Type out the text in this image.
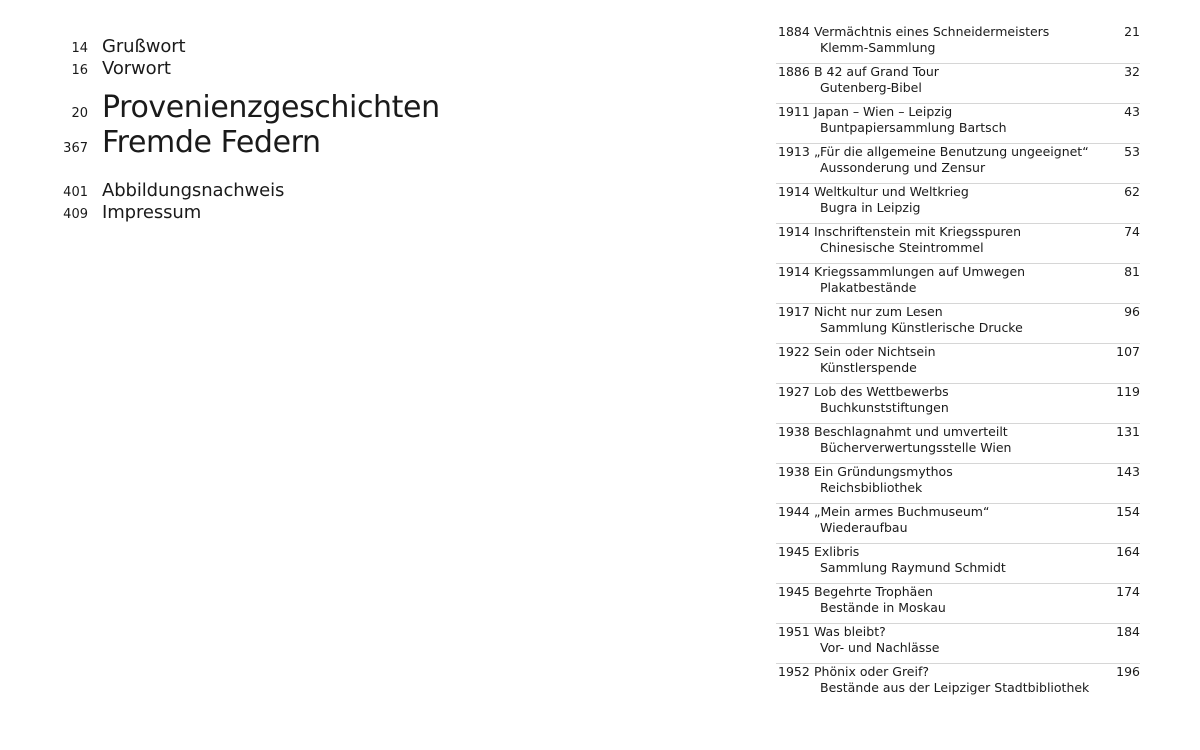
14 Grußwort
16 Vorwort
20 Provenienzgeschichten
367 Fremde Federn
401 Abbildungsnachweis
409 Impressum
1884 Vermächtnis eines Schneidermeisters
Klemm-Sammlung
21
1886 B 42 auf Grand Tour
Gutenberg-Bibel
32
1911 Japan – Wien – Leipzig
Buntpapiersammlung Bartsch
43
1913 „Für die allgemeine Benutzung ungeeignet“
Aussonderung und Zensur
53
1914 Weltkultur und Weltkrieg
Bugra in Leipzig
62
1914 Inschriftenstein mit Kriegsspuren
Chinesische Steintrommel
74
1914 Kriegssammlungen auf Umwegen
Plakatbestände
81
1917 Nicht nur zum Lesen
Sammlung Künstlerische Drucke
96
1922 Sein oder Nichtsein
Künstlerspende
107
1927 Lob des Wettbewerbs
Buchkunststiftungen
119
1938 Beschlagnahmt und umverteilt
Bücherverwertungsstelle Wien
131
1938 Ein Gründungsmythos
Reichsbibliothek
143
1944 „Mein armes Buchmuseum“
Wiederaufbau
154
1945 Exlibris
Sammlung Raymund Schmidt
164
1945 Begehrte Trophäen
Bestände in Moskau
174
1951 Was bleibt?
Vor- und Nachlässe
184
1952 Phönix oder Greif?
Bestände aus der Leipziger Stadtbibliothek
196
